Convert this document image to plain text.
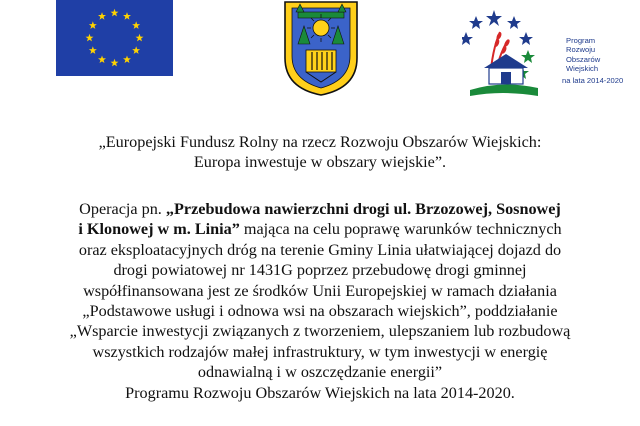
Program
Rozwoju
Obszarów
Wiejskich
na lata 2014-2020
„Europejski Fundusz Rolny na rzecz Rozwoju Obszarów Wiejskich:
Europa inwestuje w obszary wiejskie”.
Operacja pn. „Przebudowa nawierzchni drogi ul. Brzozowej, Sosnowej
i Klonowej w m. Linia” mająca na celu poprawę warunków technicznych
oraz eksploatacyjnych dróg na terenie Gminy Linia ułatwiającej dojazd do
drogi powiatowej nr 1431G poprzez przebudowę drogi gminnej
współfinansowana jest ze środków Unii Europejskiej w ramach działania
„Podstawowe usługi i odnowa wsi na obszarach wiejskich”, poddziałanie
„Wsparcie inwestycji związanych z tworzeniem, ulepszaniem lub rozbudową
wszystkich rodzajów małej infrastruktury, w tym inwestycji w energię
odnawialną i w oszczędzanie energii”
Programu Rozwoju Obszarów Wiejskich na lata 2014-2020.
